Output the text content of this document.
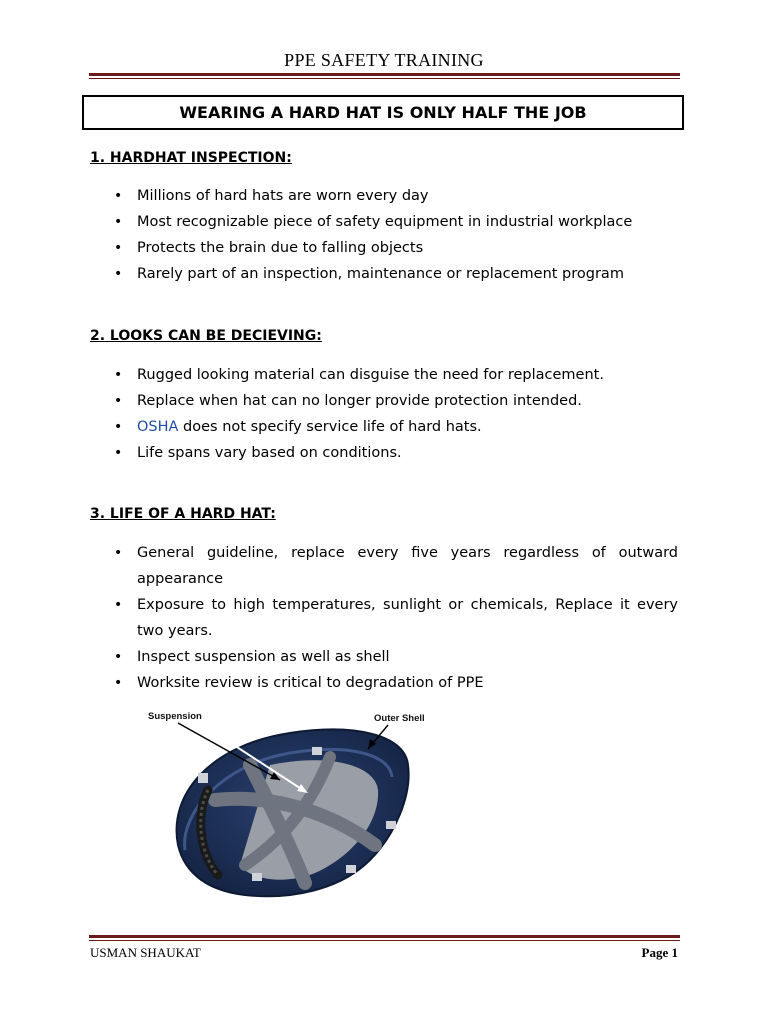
PPE SAFETY TRAINING
WEARING A HARD HAT IS ONLY HALF THE JOB
1. HARDHAT INSPECTION:
• Millions of hard hats are worn every day
• Most recognizable piece of safety equipment in industrial workplace
• Protects the brain due to falling objects
• Rarely part of an inspection, maintenance or replacement program
2. LOOKS CAN BE DECIEVING:
• Rugged looking material can disguise the need for replacement.
• Replace when hat can no longer provide protection intended.
• OSHA does not specify service life of hard hats.
• Life spans vary based on conditions.
3. LIFE OF A HARD HAT:
• General guideline, replace every five years regardless of outward appearance
• Exposure to high temperatures, sunlight or chemicals, Replace it every two years.
• Inspect suspension as well as shell
• Worksite review is critical to degradation of PPE
Suspension	Outer Shell
USMAN SHAUKAT	Page 1
